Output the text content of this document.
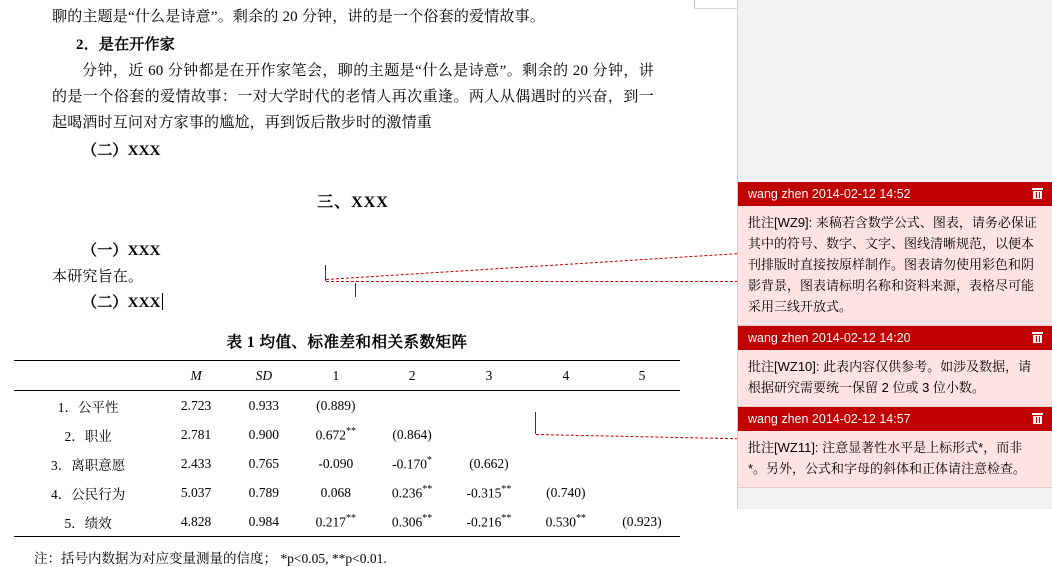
聊的主题是“什么是诗意”。剩余的 20 分钟，讲的是一个俗套的爱情故事。

2．是在开作家

分钟，近 60 分钟都是在开作家笔会，聊的主题是“什么是诗意”。剩余的 20 分钟，讲的是一个俗套的爱情故事：一对大学时代的老情人再次重逢。两人从偶遇时的兴奋，到一起喝酒时互问对方家事的尴尬，再到饭后散步时的激情重

（二）XXX

三、XXX

（一）XXX

本研究旨在。

（二）XXX

表 1 均值、标准差和相关系数矩阵
	M	SD	1	2	3	4	5
1．公平性	2.723	0.933	(0.889)				
2．职业	2.781	0.900	0.672**	(0.864)			
3．离职意愿	2.433	0.765	-0.090	-0.170*	(0.662)		
4．公民行为	5.037	0.789	0.068	0.236**	-0.315**	(0.740)	
5．绩效	4.828	0.984	0.217**	0.306**	-0.216**	0.530**	(0.923)
注：括号内数据为对应变量测量的信度； *p<0.05, **p<0.01.
wang zhen 2014-02-12 14:52
批注[WZ9]: 来稿若含数学公式、图表，请务必保证其中的符号、数字、文字、图线清晰规范，以便本刊排版时直接按原样制作。图表请勿使用彩色和阴影背景，图表请标明名称和资料来源，表格尽可能采用三线开放式。
wang zhen 2014-02-12 14:20
批注[WZ10]: 此表内容仅供参考。如涉及数据，请根据研究需要统一保留 2 位或 3 位小数。
wang zhen 2014-02-12 14:57
批注[WZ11]: 注意显著性水平是上标形式*，而非*。另外，公式和字母的斜体和正体请注意检查。
